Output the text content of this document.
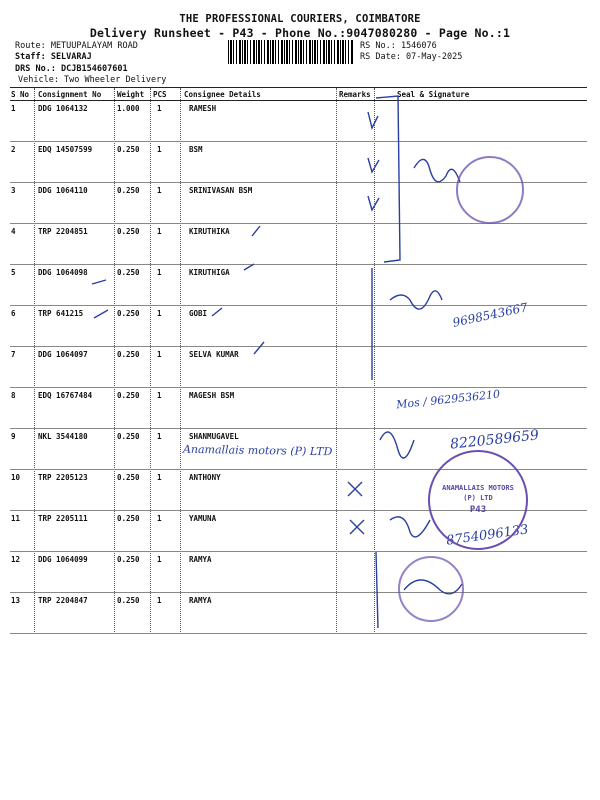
THE PROFESSIONAL COURIERS, COIMBATORE
Delivery Runsheet - P43 - Phone No.:9047080280 - Page No.:1
Route: METUUPALAYAM ROAD
Staff: SELVARAJ
DRS No.: DCJB154607601
Vehicle: Two Wheeler Delivery
RS No.: 1546076
RS Date: 07-May-2025
S No Consignment No Weight PCS Consignee Details	Remarks	Seal & Signature
1	DDG 1064132	1.000 1	RAMESH
2	EDQ 14507599	0.250 1	BSM
3	DDG 1064110	0.250 1	SRINIVASAN BSM
4	TRP 2204851	0.250 1	KIRUTHIKA
5	DDG 1064098	0.250 1	KIRUTHIGA
6	TRP 641215	0.250 1	GOBI
7	DDG 1064097	0.250 1	SELVA KUMAR
8	EDQ 16767484	0.250 1	MAGESH BSM
9	NKL 3544180	0.250 1	SHANMUGAVEL
10 TRP 2205123	0.250 1	ANTHONY
11 TRP 2205111	0.250 1	YAMUNA
12 DDG 1064099	0.250 1	RAMYA
13 TRP 2204847	0.250 1	RAMYA
9698543667
Mos / 9629536210
8220589659
Anamallais motors (P) LTD
8754096133
ANAMALLAIS MOTORS (P) LTD
P43
